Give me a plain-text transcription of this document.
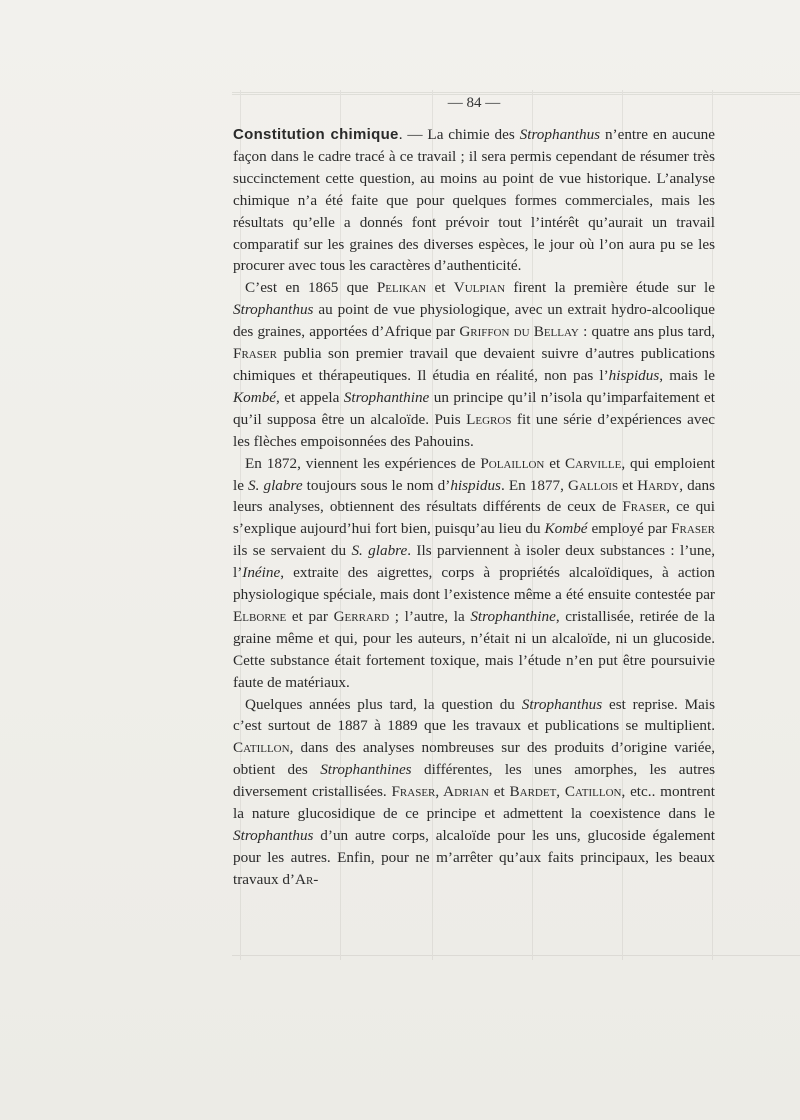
— 84 —

Constitution chimique. — La chimie des Strophanthus n’entre en aucune façon dans le cadre tracé à ce travail ; il sera permis cependant de résumer très succinctement cette question, au moins au point de vue historique. L’analyse chimique n’a été faite que pour quelques formes commerciales, mais les résultats qu’elle a donnés font prévoir tout l’intérêt qu’aurait un travail comparatif sur les graines des diverses espèces, le jour où l’on aura pu se les procurer avec tous les caractères d’authenticité.

C’est en 1865 que Pelikan et Vulpian firent la première étude sur le Strophanthus au point de vue physiologique, avec un extrait hydro-alcoolique des graines, apportées d’Afrique par Griffon du Bellay : quatre ans plus tard, Fraser publia son premier travail que devaient suivre d’autres publications chimiques et thérapeutiques. Il étudia en réalité, non pas l’hispidus, mais le Kombé, et appela Strophanthine un principe qu’il n’isola qu’imparfaitement et qu’il supposa être un alcaloïde. Puis Legros fit une série d’expériences avec les flèches empoisonnées des Pahouins.

En 1872, viennent les expériences de Polaillon et Carville, qui emploient le S. glabre toujours sous le nom d’hispidus. En 1877, Gallois et Hardy, dans leurs analyses, obtiennent des résultats différents de ceux de Fraser, ce qui s’explique aujourd’hui fort bien, puisqu’au lieu du Kombé employé par Fraser ils se servaient du S. glabre. Ils parviennent à isoler deux substances : l’une, l’Inéine, extraite des aigrettes, corps à propriétés alcaloïdiques, à action physiologique spéciale, mais dont l’existence même a été ensuite contestée par Elborne et par Gerrard ; l’autre, la Strophanthine, cristallisée, retirée de la graine même et qui, pour les auteurs, n’était ni un alcaloïde, ni un glucoside. Cette substance était fortement toxique, mais l’étude n’en put être poursuivie faute de matériaux.

Quelques années plus tard, la question du Strophanthus est reprise. Mais c’est surtout de 1887 à 1889 que les travaux et publications se multiplient. Catillon, dans des analyses nombreuses sur des produits d’origine variée, obtient des Strophanthines différentes, les unes amorphes, les autres diversement cristallisées. Fraser, Adrian et Bardet, Catillon, etc.. montrent la nature glucosidique de ce principe et admettent la coexistence dans le Strophanthus d’un autre corps, alcaloïde pour les uns, glucoside également pour les autres. Enfin, pour ne m’arrêter qu’aux faits principaux, les beaux travaux d’Ar-
